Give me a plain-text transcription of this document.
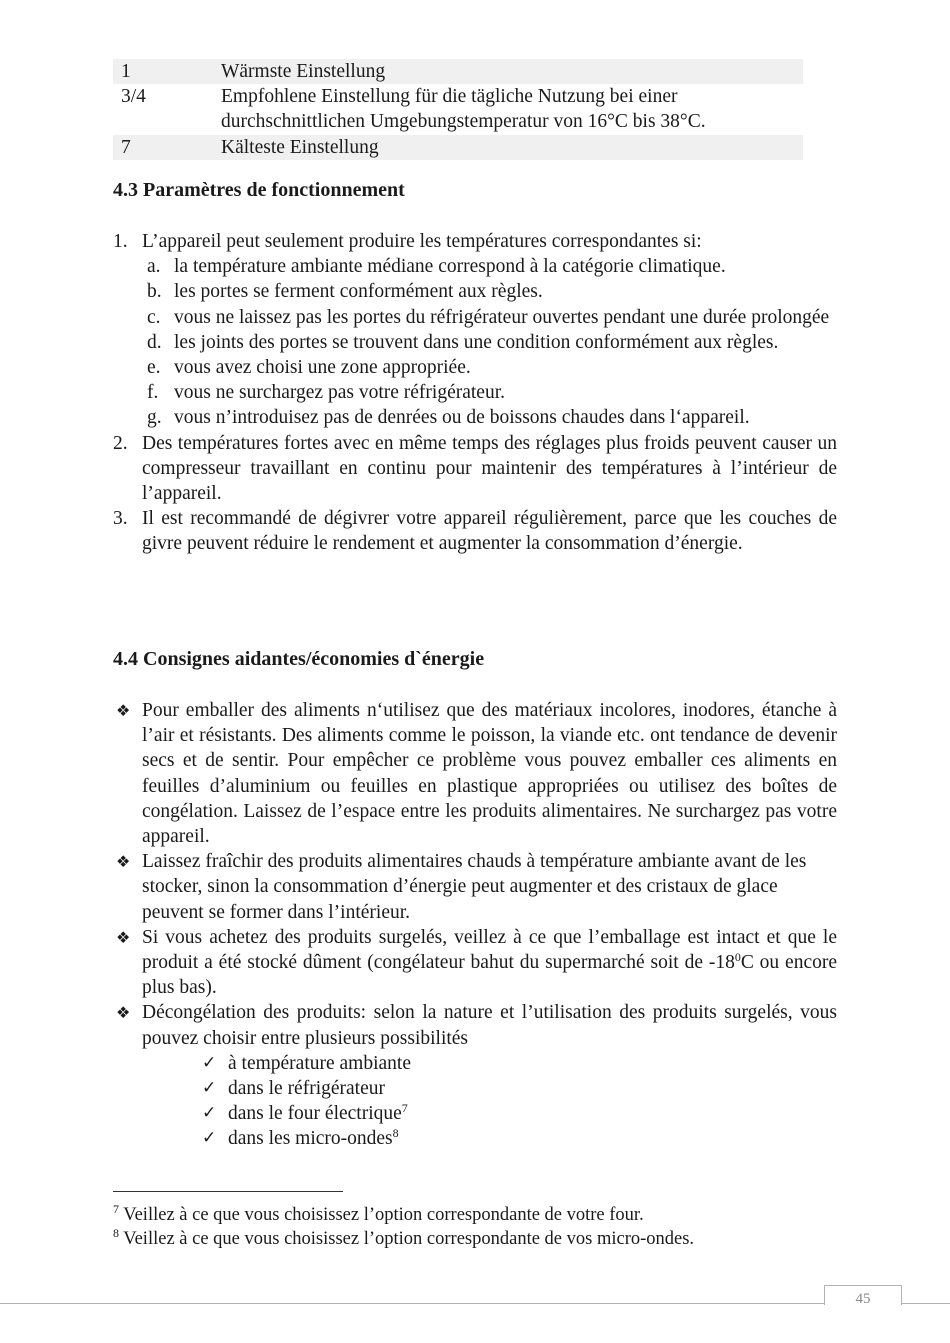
1	Wärmste Einstellung
3/4	Empfohlene Einstellung für die tägliche Nutzung bei einer durchschnittlichen Umgebungstemperatur von 16°C bis 38°C.
7	Kälteste Einstellung
4.3 Paramètres de fonctionnement
1. L’appareil peut seulement produire les températures correspondantes si:
a. la température ambiante médiane correspond à la catégorie climatique.
b. les portes se ferment conformément aux règles.
c. vous ne laissez pas les portes du réfrigérateur ouvertes pendant une durée prolongée
d. les joints des portes se trouvent dans une condition conformément aux règles.
e. vous avez choisi une zone appropriée.
f. vous ne surchargez pas votre réfrigérateur.
g. vous n’introduisez pas de denrées ou de boissons chaudes dans l‘appareil.
2. Des températures fortes avec en même temps des réglages plus froids peuvent causer un compresseur travaillant en continu pour maintenir des températures à l’intérieur de l’appareil.
3. Il est recommandé de dégivrer votre appareil régulièrement, parce que les couches de givre peuvent réduire le rendement et augmenter la consommation d’énergie.
4.4 Consignes aidantes/économies d`énergie
❖ Pour emballer des aliments n‘utilisez que des matériaux incolores, inodores, étanche à l’air et résistants. Des aliments comme le poisson, la viande etc. ont tendance de devenir secs et de sentir. Pour empêcher ce problème vous pouvez emballer ces aliments en feuilles d’aluminium ou feuilles en plastique appropriées ou utilisez des boîtes de congélation. Laissez de l’espace entre les produits alimentaires. Ne surchargez pas votre appareil.
❖ Laissez fraîchir des produits alimentaires chauds à température ambiante avant de les stocker, sinon la consommation d’énergie peut augmenter et des cristaux de glace peuvent se former dans l’intérieur.
❖ Si vous achetez des produits surgelés, veillez à ce que l’emballage est intact et que le produit a été stocké dûment (congélateur bahut du supermarché soit de $-18^0C$ ou encore plus bas).
❖ Décongélation des produits: selon la nature et l’utilisation des produits surgelés, vous pouvez choisir entre plusieurs possibilités
✓ à température ambiante
✓ dans le réfrigérateur
✓ dans le four électrique$^7$
✓ dans les micro-ondes$^8$
$^7$ Veillez à ce que vous choisissez l’option correspondante de votre four.
$^8$ Veillez à ce que vous choisissez l’option correspondante de vos micro-ondes.
45
